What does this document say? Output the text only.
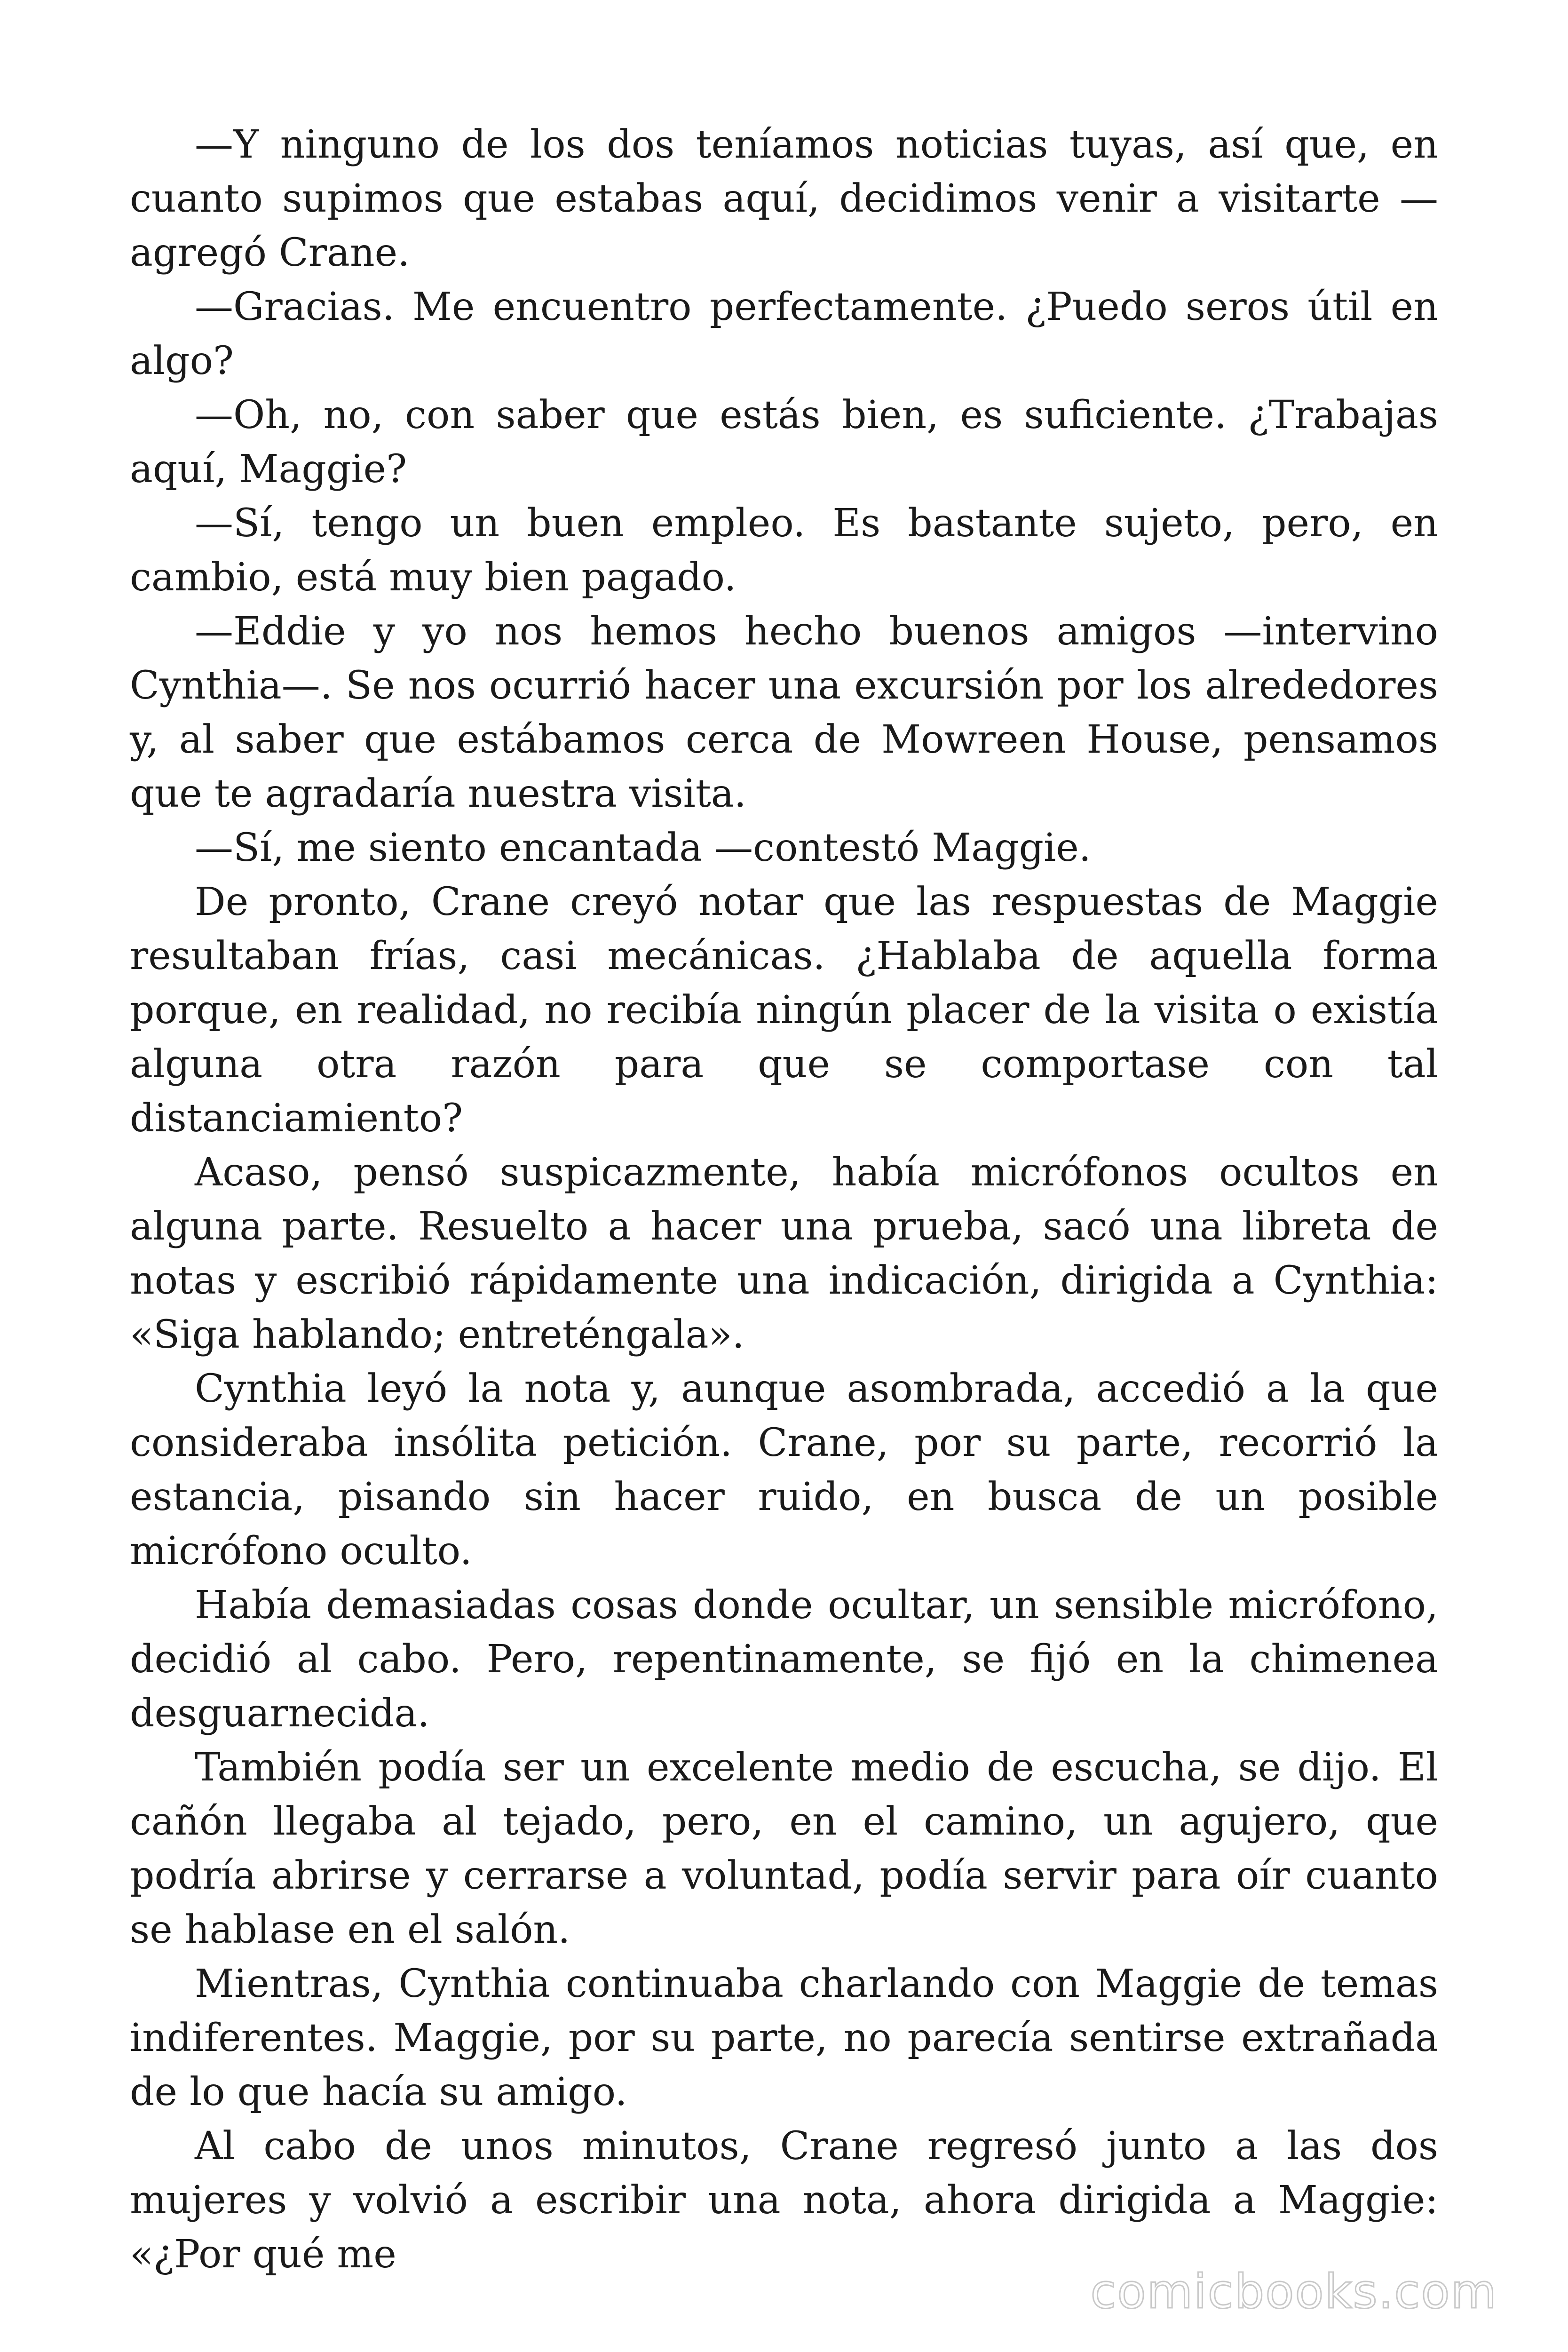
—Y ninguno de los dos teníamos noticias tuyas, así que, en cuanto supimos que estabas aquí, decidimos venir a visitarte —agregó Crane.

—Gracias. Me encuentro perfectamente. ¿Puedo seros útil en algo?

—Oh, no, con saber que estás bien, es suficiente. ¿Trabajas aquí, Maggie?

—Sí, tengo un buen empleo. Es bastante sujeto, pero, en cambio, está muy bien pagado.

—Eddie y yo nos hemos hecho buenos amigos —intervino Cynthia—. Se nos ocurrió hacer una excursión por los alrededores y, al saber que estábamos cerca de Mowreen House, pensamos que te agradaría nuestra visita.

—Sí, me siento encantada —contestó Maggie.

De pronto, Crane creyó notar que las respuestas de Maggie resultaban frías, casi mecánicas. ¿Hablaba de aquella forma porque, en realidad, no recibía ningún placer de la visita o existía alguna otra razón para que se comportase con tal distanciamiento?

Acaso, pensó suspicazmente, había micrófonos ocultos en alguna parte. Resuelto a hacer una prueba, sacó una libreta de notas y escribió rápidamente una indicación, dirigida a Cynthia: «Siga hablando; entreténgala».

Cynthia leyó la nota y, aunque asombrada, accedió a la que consideraba insólita petición. Crane, por su parte, recorrió la estancia, pisando sin hacer ruido, en busca de un posible micrófono oculto.

Había demasiadas cosas donde ocultar, un sensible micrófono, decidió al cabo. Pero, repentinamente, se fijó en la chimenea desguarnecida.

También podía ser un excelente medio de escucha, se dijo. El cañón llegaba al tejado, pero, en el camino, un agujero, que podría abrirse y cerrarse a voluntad, podía servir para oír cuanto se hablase en el salón.

Mientras, Cynthia continuaba charlando con Maggie de temas indiferentes. Maggie, por su parte, no parecía sentirse extrañada de lo que hacía su amigo.

Al cabo de unos minutos, Crane regresó junto a las dos mujeres y volvió a escribir una nota, ahora dirigida a Maggie: «¿Por qué me

comicbooks.com
